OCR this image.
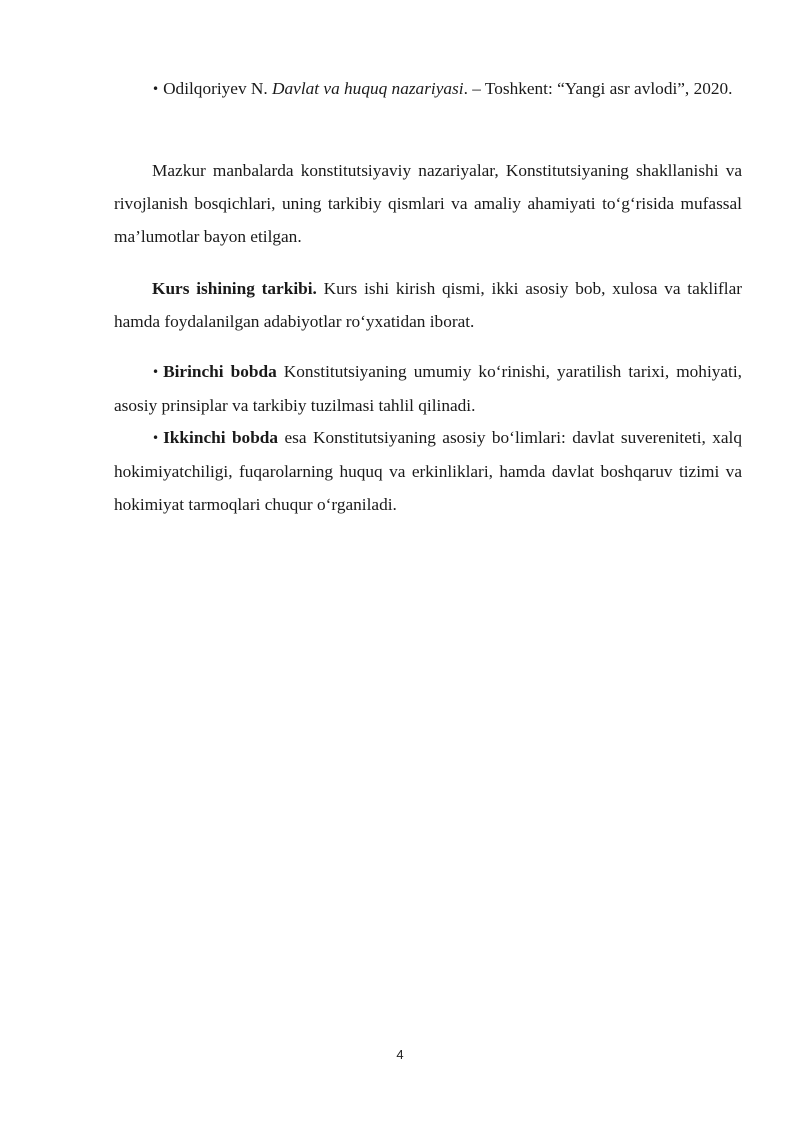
• Odilqoriyev N. Davlat va huquq nazariyasi. – Toshkent: “Yangi asr avlodi”, 2020.

Mazkur manbalarda konstitutsiyaviy nazariyalar, Konstitutsiyaning shakllanishi va rivojlanish bosqichlari, uning tarkibiy qismlari va amaliy ahamiyati to‘g‘risida mufassal ma’lumotlar bayon etilgan.

Kurs ishining tarkibi. Kurs ishi kirish qismi, ikki asosiy bob, xulosa va takliflar hamda foydalanilgan adabiyotlar ro‘yxatidan iborat.

• Birinchi bobda Konstitutsiyaning umumiy ko‘rinishi, yaratilish tarixi, mohiyati, asosiy prinsiplar va tarkibiy tuzilmasi tahlil qilinadi.

• Ikkinchi bobda esa Konstitutsiyaning asosiy bo‘limlari: davlat suvereniteti, xalq hokimiyatchiligi, fuqarolarning huquq va erkinliklari, hamda davlat boshqaruv tizimi va hokimiyat tarmoqlari chuqur o‘rganiladi.

4
